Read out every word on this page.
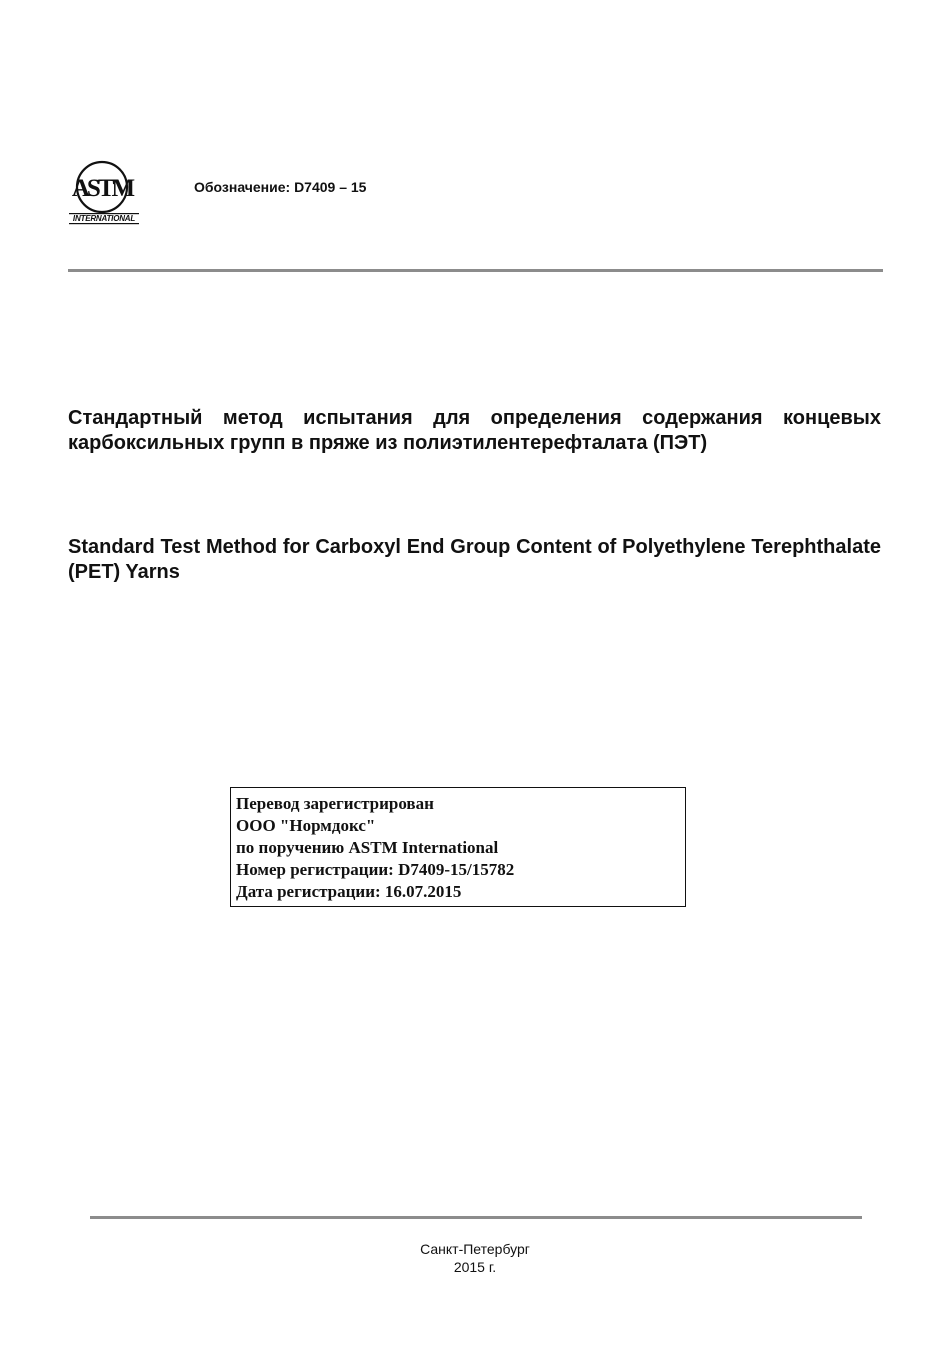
ASTM
INTERNATIONAL
Обозначение: D7409 – 15
Стандартный метод испытания для определения содержания концевых карбоксильных групп в пряже из полиэтилентерефталата (ПЭТ)
Standard Test Method for Carboxyl End Group Content of Polyethylene Terephthalate (PET) Yarns
Перевод зарегистрирован
ООО "Нормдокс"
по поручению ASTM International
Номер регистрации: D7409-15/15782
Дата регистрации: 16.07.2015
Санкт-Петербург
2015 г.
